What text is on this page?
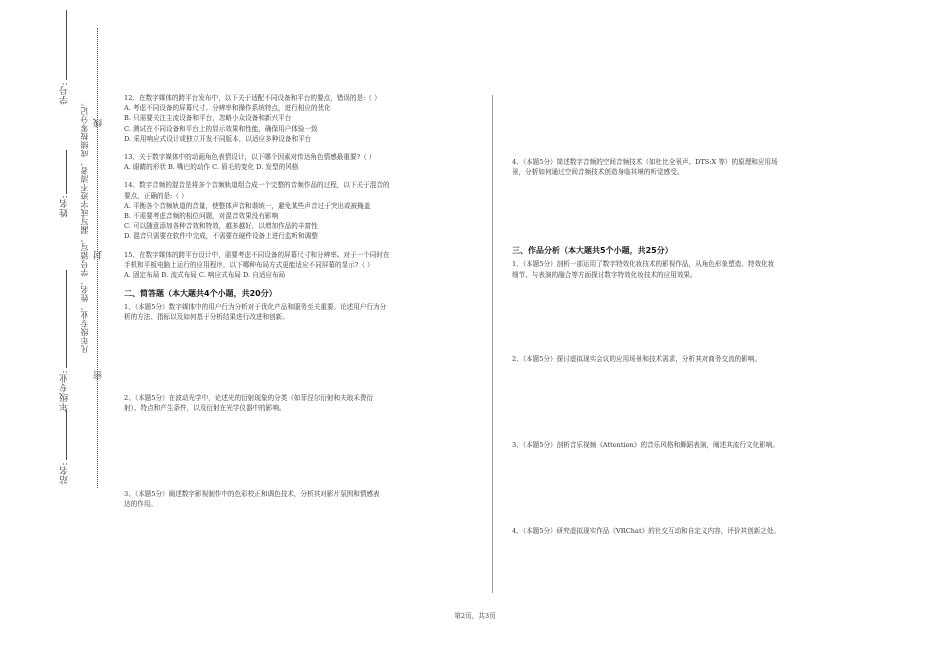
学号:
姓名:
年级专业:
站名:
凡年级专业、姓名、学号错写、漏写或字迹不清者，成绩按零分记。 线
封
密

12、在数字媒体的跨平台发布中，以下关于适配不同设备和平台的要点，错误的是:（ ）

A. 考虑不同设备的屏幕尺寸、分辨率和操作系统特点，进行相应的优化

B. 只需要关注主流设备和平台，忽略小众设备和新兴平台

C. 测试在不同设备和平台上的显示效果和性能，确保用户体验一致

D. 采用响应式设计或独立开发不同版本，以适应多种设备和平台

13、关于数字媒体中的动画角色表情设计，以下哪个因素对传达角色情感最重要?（ ）

A. 眼睛的形状 B. 嘴巴的动作 C. 眉毛的变化 D. 发型的风格

14、数字音频的混音是将多个音频轨道组合成一个完整的音频作品的过程，以下关于混音的

要点，正确的是:（ ）

A. 平衡各个音频轨道的音量，使整体声音和谐统一，避免某些声音过于突出或被掩盖

B. 不需要考虑音频的相位问题，对混音效果没有影响

C. 可以随意添加各种音效和特效，越多越好，以增加作品的丰富性

D. 混音只需要在软件中完成，不需要在硬件设备上进行监听和调整

15、在数字媒体的跨平台设计中，需要考虑不同设备的屏幕尺寸和分辨率。对于一个同时在

手机和平板电脑上运行的应用程序，以下哪种布局方式更能适应不同屏幕的显示?（ ）

A. 固定布局 B. 流式布局 C. 响应式布局 D. 自适应布局

二、简答题（本大题共4个小题，共20分）

1、（本题5分）数字媒体中的用户行为分析对于优化产品和服务至关重要。论述用户行为分

析的方法、指标以及如何基于分析结果进行改进和创新。

2、（本题5分）在波动光学中，论述光的衍射现象的分类（如菲涅尔衍射和夫琅禾费衍

射）、特点和产生条件，以及衍射在光学仪器中的影响。

3、（本题5分）阐述数字影视制作中的色彩校正和调色技术，分析其对影片氛围和情感表

达的作用。

4、（本题5分）简述数字音频的空间音频技术（如杜比全景声、DTS:X 等）的原理和应用场

景，分析如何通过空间音频技术创造身临其境的听觉感受。

三、作品分析（本大题共5个小题，共25分）

1、（本题5分）剖析一部运用了数字特效化妆技术的影视作品，从角色形象塑造、特效化妆

细节、与表演的融合等方面探讨数字特效化妆技术的应用效果。

2、（本题5分）探讨虚拟现实会议的应用场景和技术需求，分析其对商务交流的影响。

3、（本题5分）剖析音乐视频《Attention》的音乐风格和舞蹈表演，阐述其流行文化影响。

4、（本题5分）研究虚拟现实作品《VRChat》的社交互动和自定义内容，评价其创新之处。

第2页，共3页
